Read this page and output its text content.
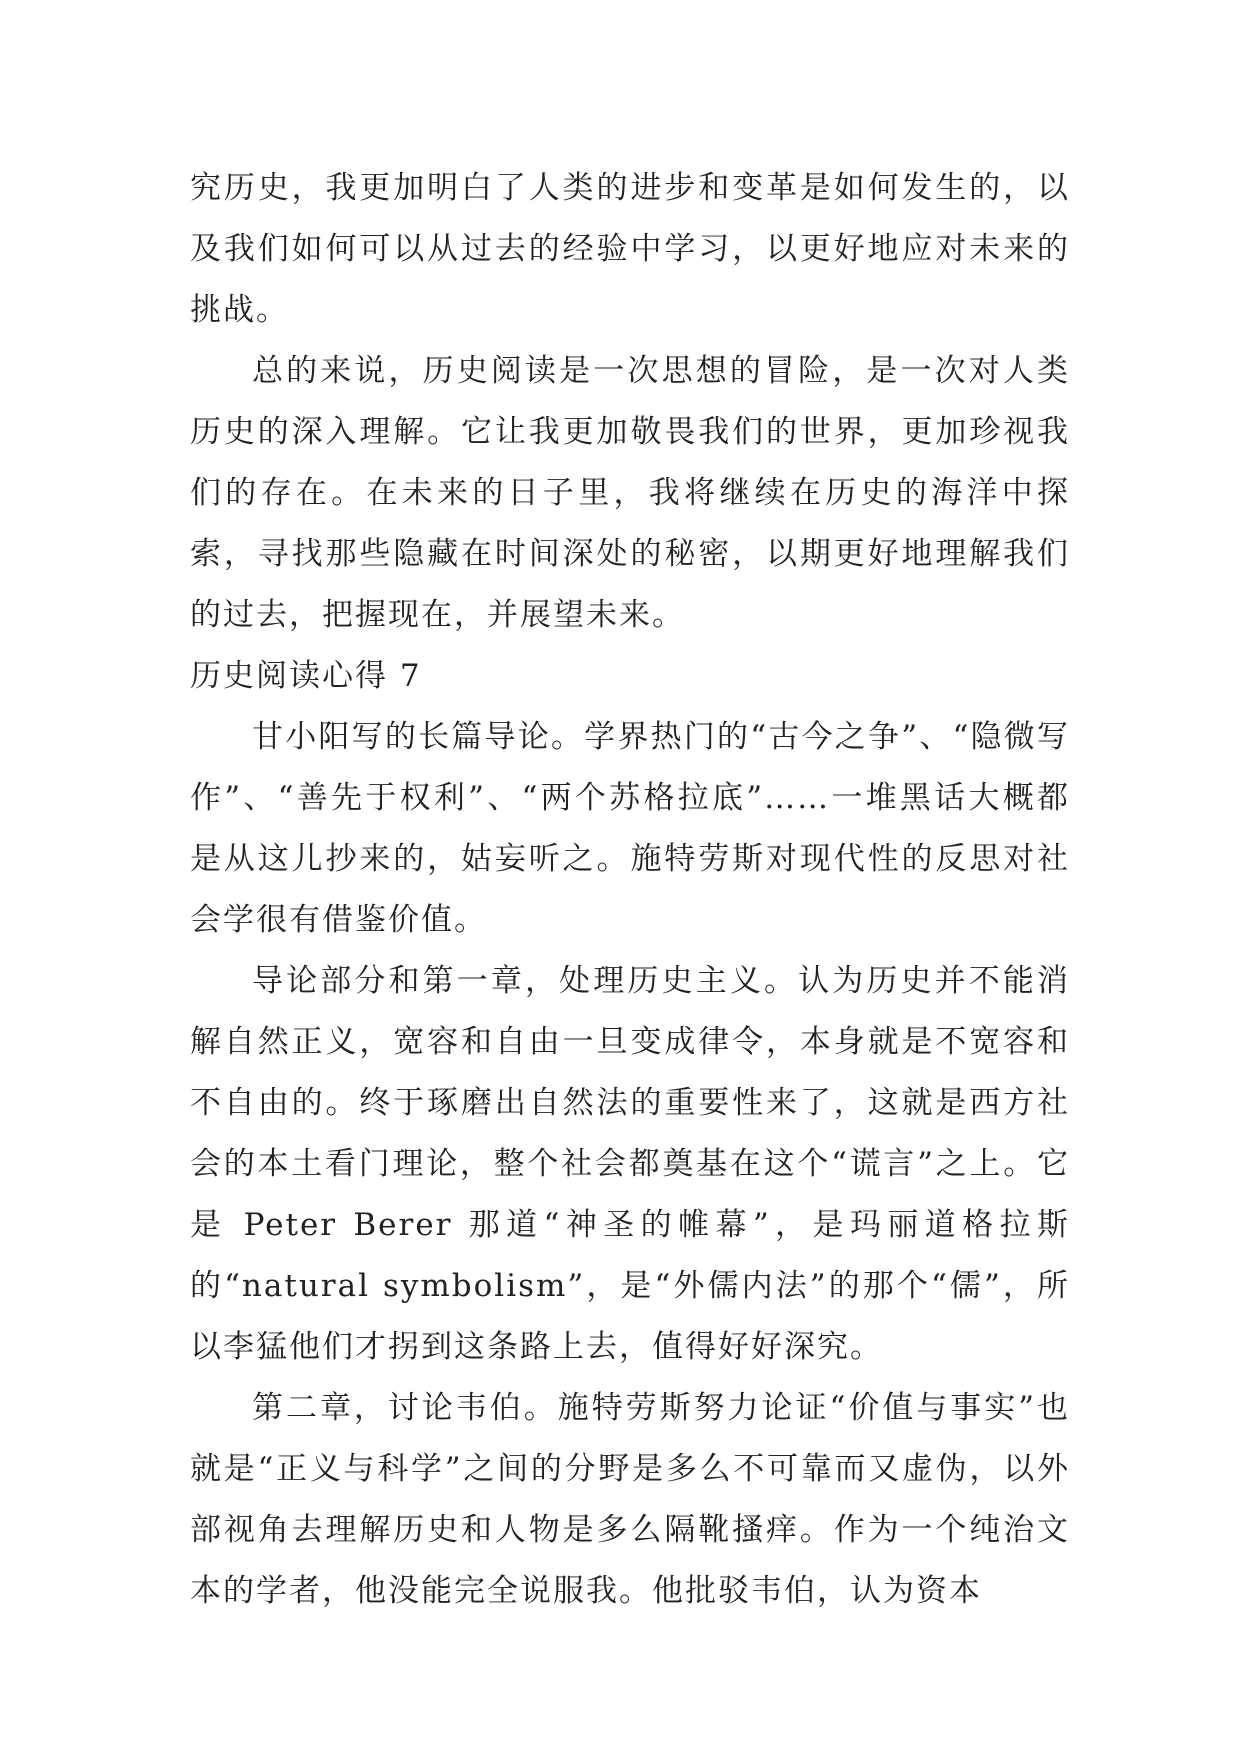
究历史，我更加明白了人类的进步和变革是如何发生的，以及我们如何可以从过去的经验中学习，以更好地应对未来的挑战。

总的来说，历史阅读是一次思想的冒险，是一次对人类历史的深入理解。它让我更加敬畏我们的世界，更加珍视我们的存在。在未来的日子里，我将继续在历史的海洋中探索，寻找那些隐藏在时间深处的秘密，以期更好地理解我们的过去，把握现在，并展望未来。

历史阅读心得 7

甘小阳写的长篇导论。学界热门的“古今之争”、“隐微写作”、“善先于权利”、“两个苏格拉底”……一堆黑话大概都是从这儿抄来的，姑妄听之。施特劳斯对现代性的反思对社会学很有借鉴价值。

导论部分和第一章，处理历史主义。认为历史并不能消解自然正义，宽容和自由一旦变成律令，本身就是不宽容和不自由的。终于琢磨出自然法的重要性来了，这就是西方社会的本土看门理论，整个社会都奠基在这个“谎言”之上。它是 Peter Berer 那道“神圣的帷幕”，是玛丽道格拉斯的“natural symbolism”，是“外儒内法”的那个“儒”，所以李猛他们才拐到这条路上去，值得好好深究。

第二章，讨论韦伯。施特劳斯努力论证“价值与事实”也就是“正义与科学”之间的分野是多么不可靠而又虚伪，以外部视角去理解历史和人物是多么隔靴搔痒。作为一个纯治文本的学者，他没能完全说服我。他批驳韦伯，认为资本
